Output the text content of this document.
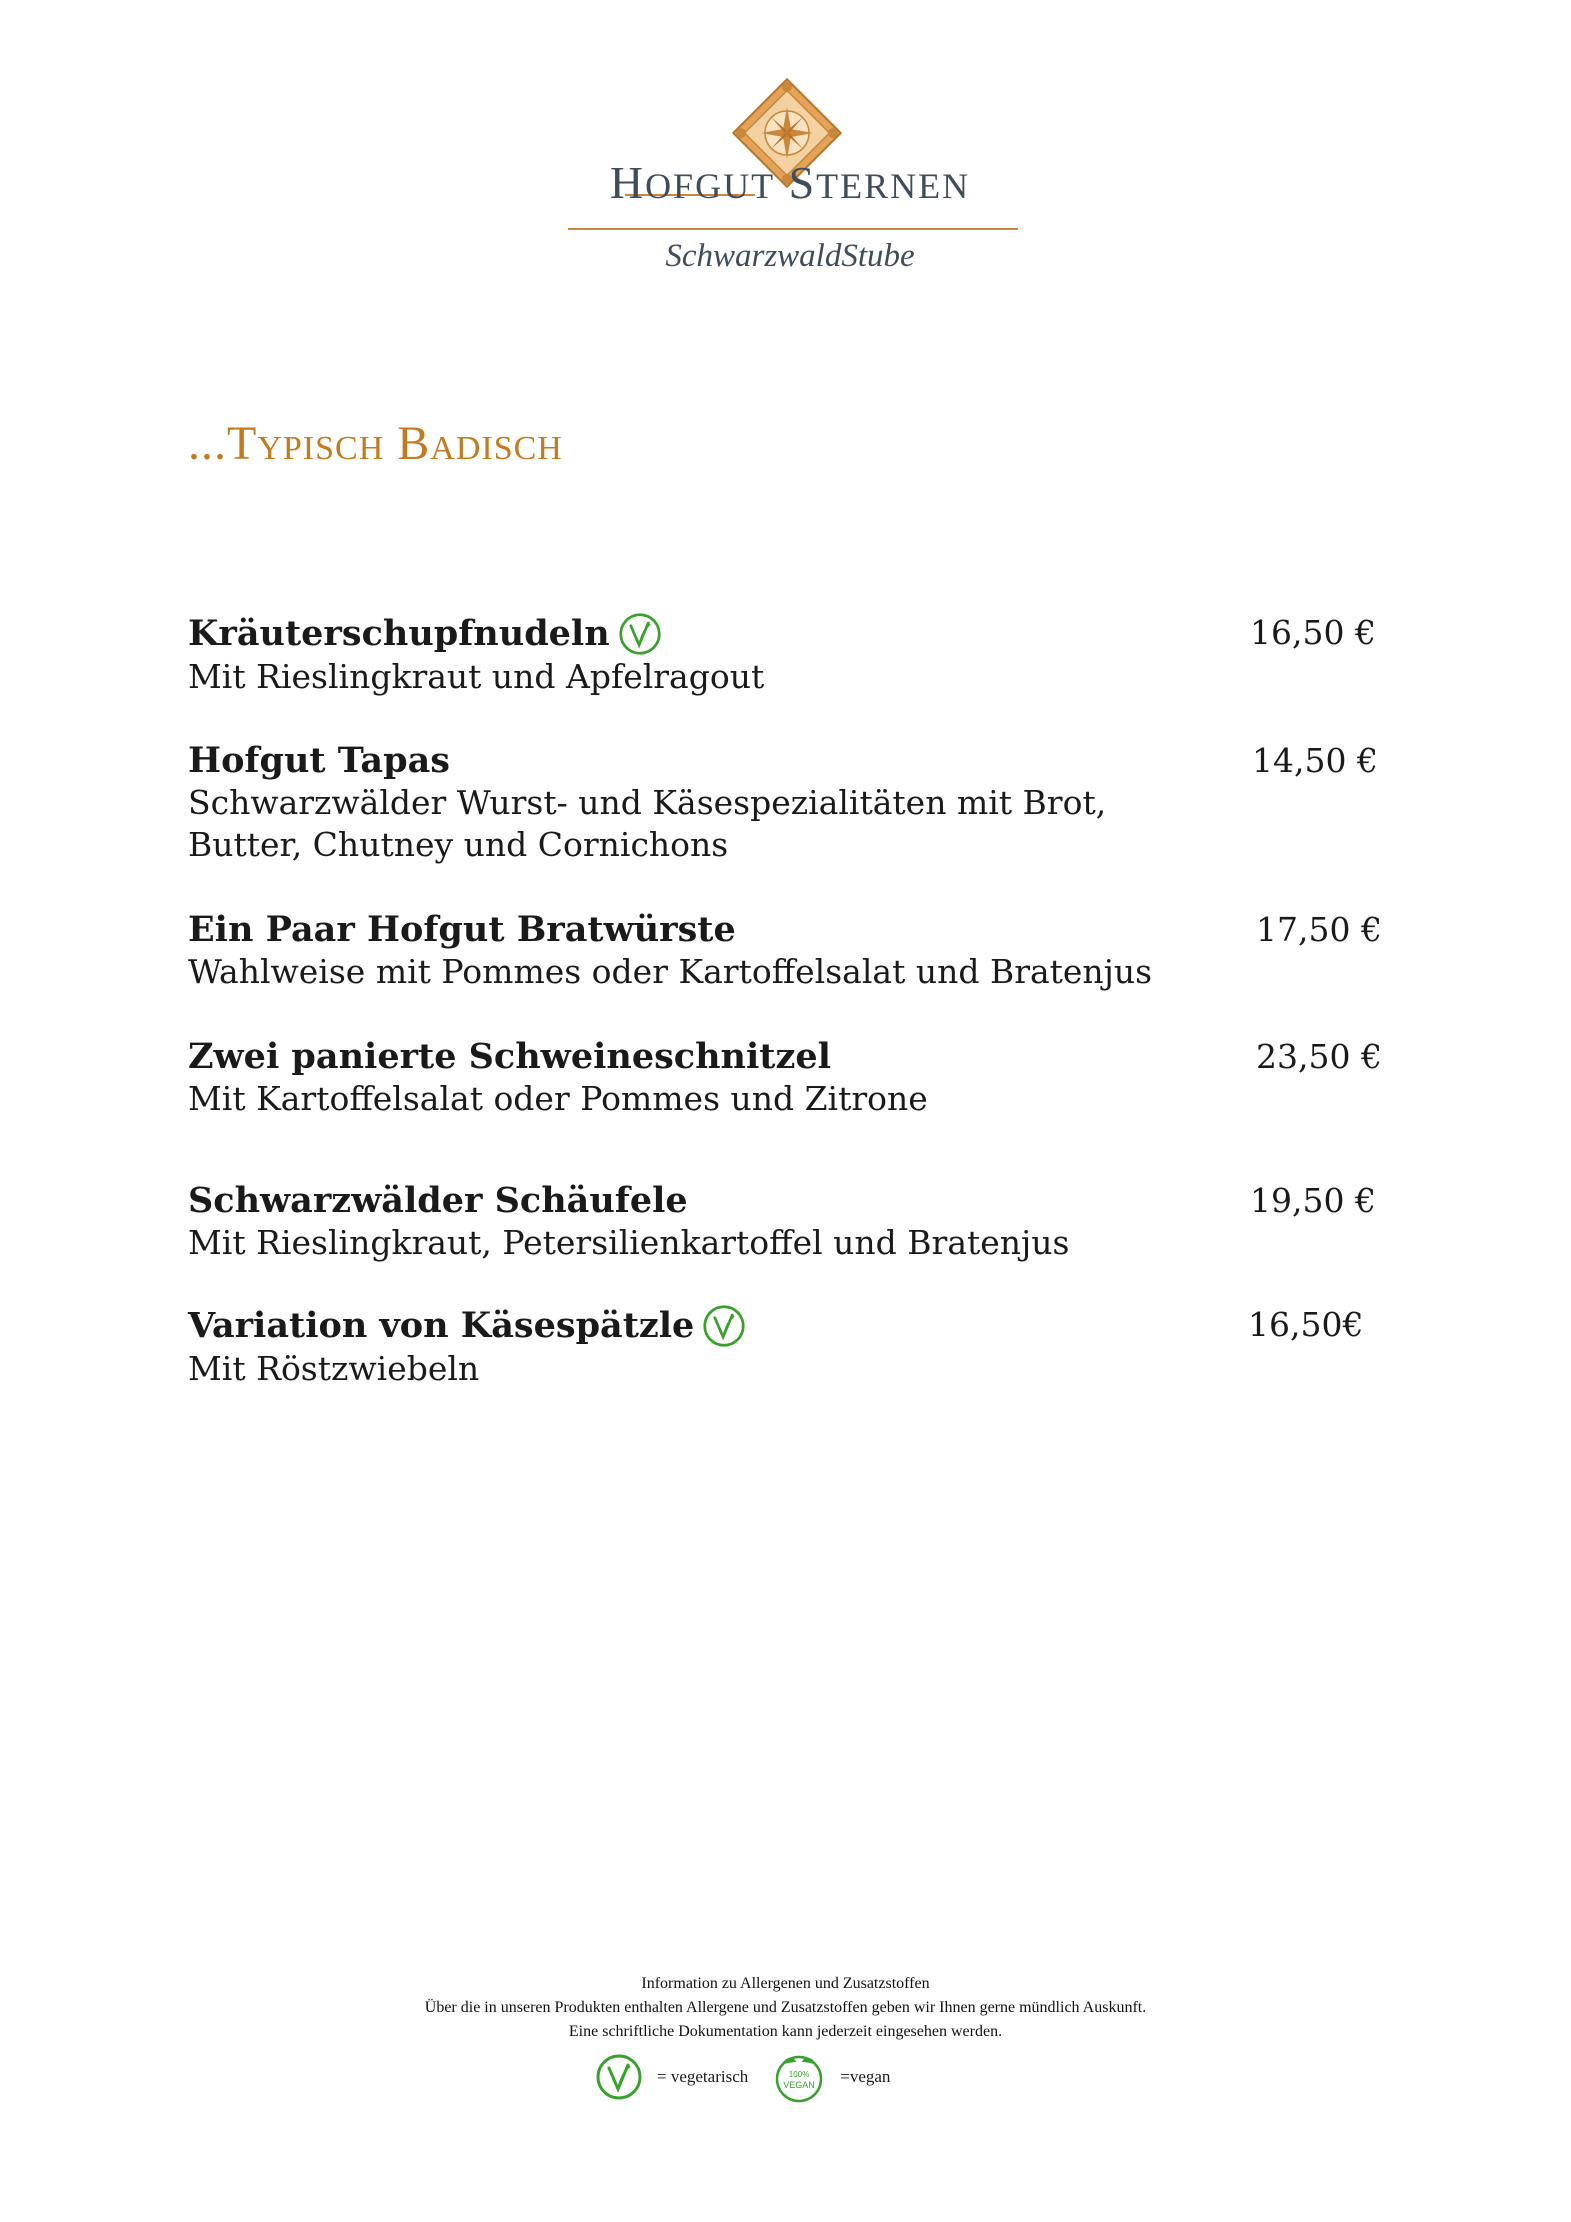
HOFGUT STERNEN
SchwarzwaldStube
...Typisch Badisch
Kräuterschupfnudeln
Mit Rieslingkraut und Apfelragout
16,50 €
Hofgut Tapas
Schwarzwälder Wurst- und Käsespezialitäten mit Brot,
Butter, Chutney und Cornichons
14,50 €
Ein Paar Hofgut Bratwürste
Wahlweise mit Pommes oder Kartoffelsalat und Bratenjus
17,50 €
Zwei panierte Schweineschnitzel
Mit Kartoffelsalat oder Pommes und Zitrone
23,50 €
Schwarzwälder Schäufele
Mit Rieslingkraut, Petersilienkartoffel und Bratenjus
19,50 €
Variation von Käsespätzle
Mit Röstzwiebeln
16,50€
Information zu Allergenen und Zusatzstoffen
Über die in unseren Produkten enthalten Allergene und Zusatzstoffen geben wir Ihnen gerne mündlich Auskunft.
Eine schriftliche Dokumentation kann jederzeit eingesehen werden.
= vegetarisch	100%
VEGAN =vegan
